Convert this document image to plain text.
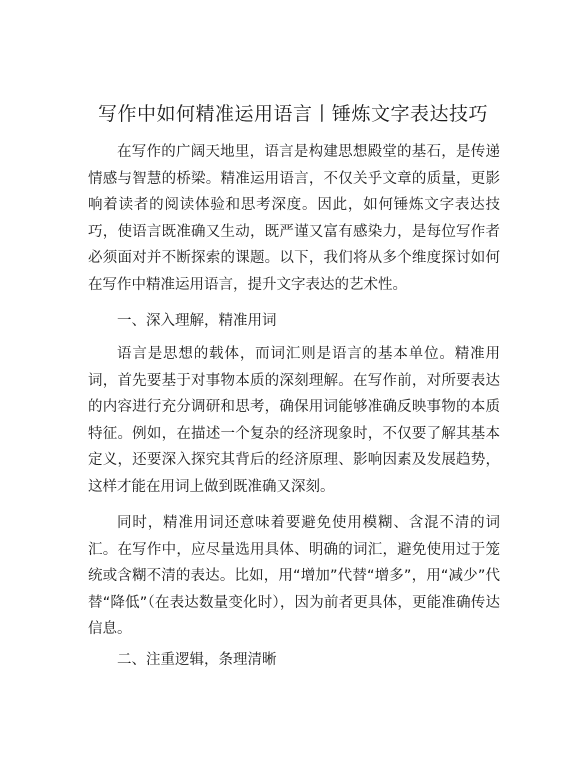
写作中如何精准运用语言丨锤炼文字表达技巧

在写作的广阔天地里，语言是构建思想殿堂的基石，是传递情感与智慧的桥梁。精准运用语言，不仅关乎文章的质量，更影响着读者的阅读体验和思考深度。因此，如何锤炼文字表达技巧，使语言既准确又生动，既严谨又富有感染力，是每位写作者必须面对并不断探索的课题。以下，我们将从多个维度探讨如何在写作中精准运用语言，提升文字表达的艺术性。

一、深入理解，精准用词

语言是思想的载体，而词汇则是语言的基本单位。精准用词，首先要基于对事物本质的深刻理解。在写作前，对所要表达的内容进行充分调研和思考，确保用词能够准确反映事物的本质特征。例如，在描述一个复杂的经济现象时，不仅要了解其基本定义，还要深入探究其背后的经济原理、影响因素及发展趋势，这样才能在用词上做到既准确又深刻。

同时，精准用词还意味着要避免使用模糊、含混不清的词汇。在写作中，应尽量选用具体、明确的词汇，避免使用过于笼统或含糊不清的表达。比如，用“增加”代替“增多”，用“减少”代替“降低”（在表达数量变化时），因为前者更具体，更能准确传达信息。

二、注重逻辑，条理清晰
